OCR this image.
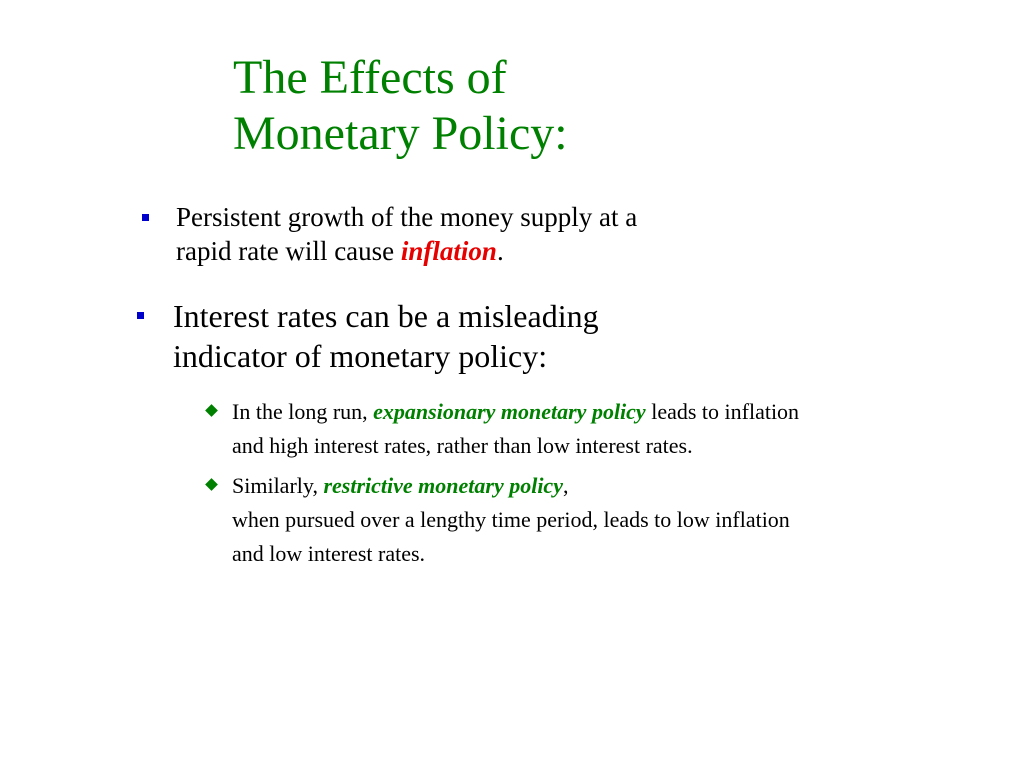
The Effects of
Monetary Policy:
Persistent growth of the money supply at a
rapid rate will cause inflation.
Interest rates can be a misleading
indicator of monetary policy:
In the long run, expansionary monetary policy leads to inflation
and high interest rates, rather than low interest rates.
Similarly, restrictive monetary policy,
when pursued over a lengthy time period, leads to low inflation
and low interest rates.
